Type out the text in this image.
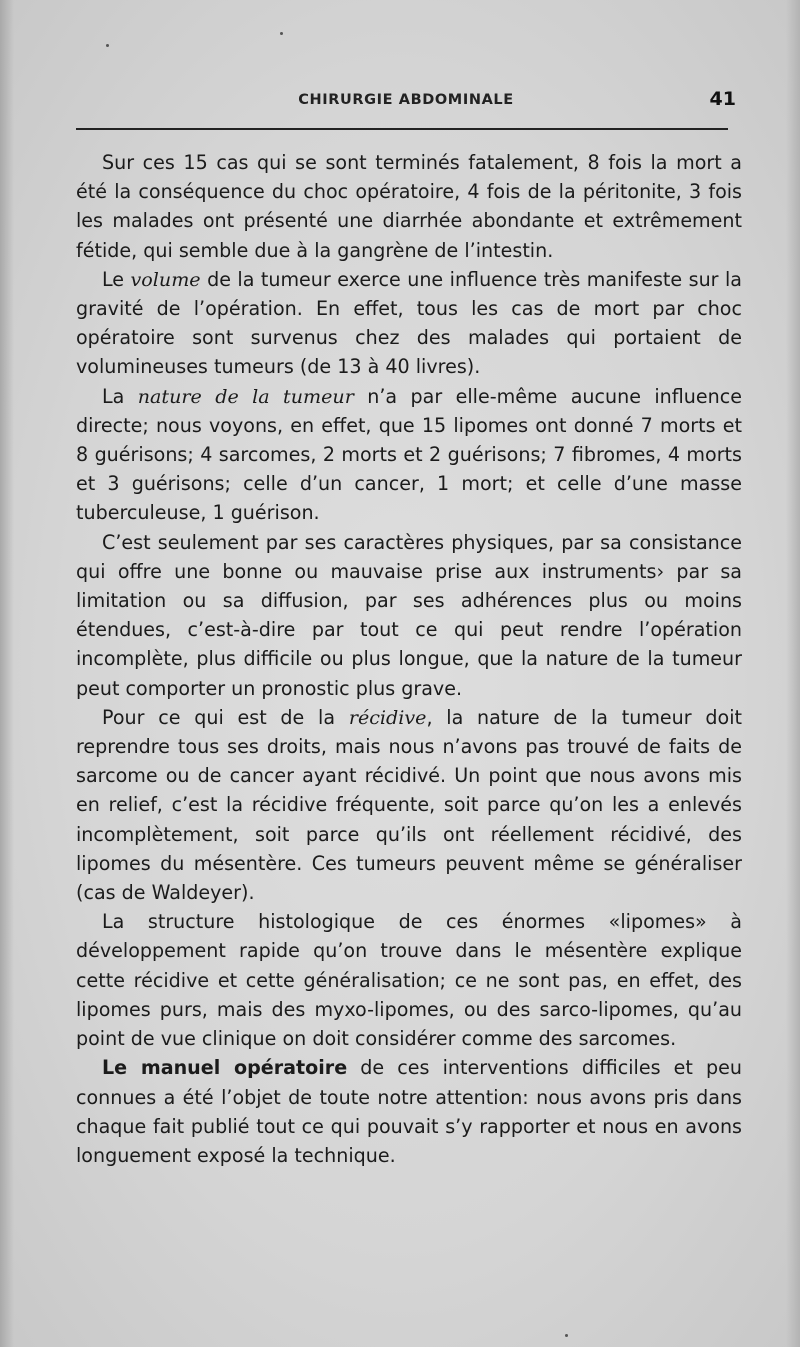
CHIRURGIE ABDOMINALE	41

Sur ces 15 cas qui se sont terminés fatalement, 8 fois la mort a été la conséquence du choc opératoire, 4 fois de la péritonite, 3 fois les malades ont présenté une diarrhée abondante et extrêmement fétide, qui semble due à la gangrène de l’intestin.

Le volume de la tumeur exerce une influence très manifeste sur la gravité de l’opération. En effet, tous les cas de mort par choc opératoire sont survenus chez des malades qui portaient de volumineuses tumeurs (de 13 à 40 livres).

La nature de la tumeur n’a par elle-même aucune influence directe; nous voyons, en effet, que 15 lipomes ont donné 7 morts et 8 guérisons; 4 sarcomes, 2 morts et 2 guérisons; 7 fibromes, 4 morts et 3 guérisons; celle d’un cancer, 1 mort; et celle d’une masse tuberculeuse, 1 guérison.

C’est seulement par ses caractères physiques, par sa consistance qui offre une bonne ou mauvaise prise aux instruments› par sa limitation ou sa diffusion, par ses adhérences plus ou moins étendues, c’est-à-dire par tout ce qui peut rendre l’opération incomplète, plus difficile ou plus longue, que la nature de la tumeur peut comporter un pronostic plus grave.

Pour ce qui est de la récidive, la nature de la tumeur doit reprendre tous ses droits, mais nous n’avons pas trouvé de faits de sarcome ou de cancer ayant récidivé. Un point que nous avons mis en relief, c’est la récidive fréquente, soit parce qu’on les a enlevés incomplètement, soit parce qu’ils ont réellement récidivé, des lipomes du mésentère. Ces tumeurs peuvent même se généraliser (cas de Waldeyer).

La structure histologique de ces énormes «lipomes» à développement rapide qu’on trouve dans le mésentère explique cette récidive et cette généralisation; ce ne sont pas, en effet, des lipomes purs, mais des myxo-lipomes, ou des sarco-lipomes, qu’au point de vue clinique on doit considérer comme des sarcomes.

Le manuel opératoire de ces interventions difficiles et peu connues a été l’objet de toute notre attention: nous avons pris dans chaque fait publié tout ce qui pouvait s’y rapporter et nous en avons longuement exposé la technique.
